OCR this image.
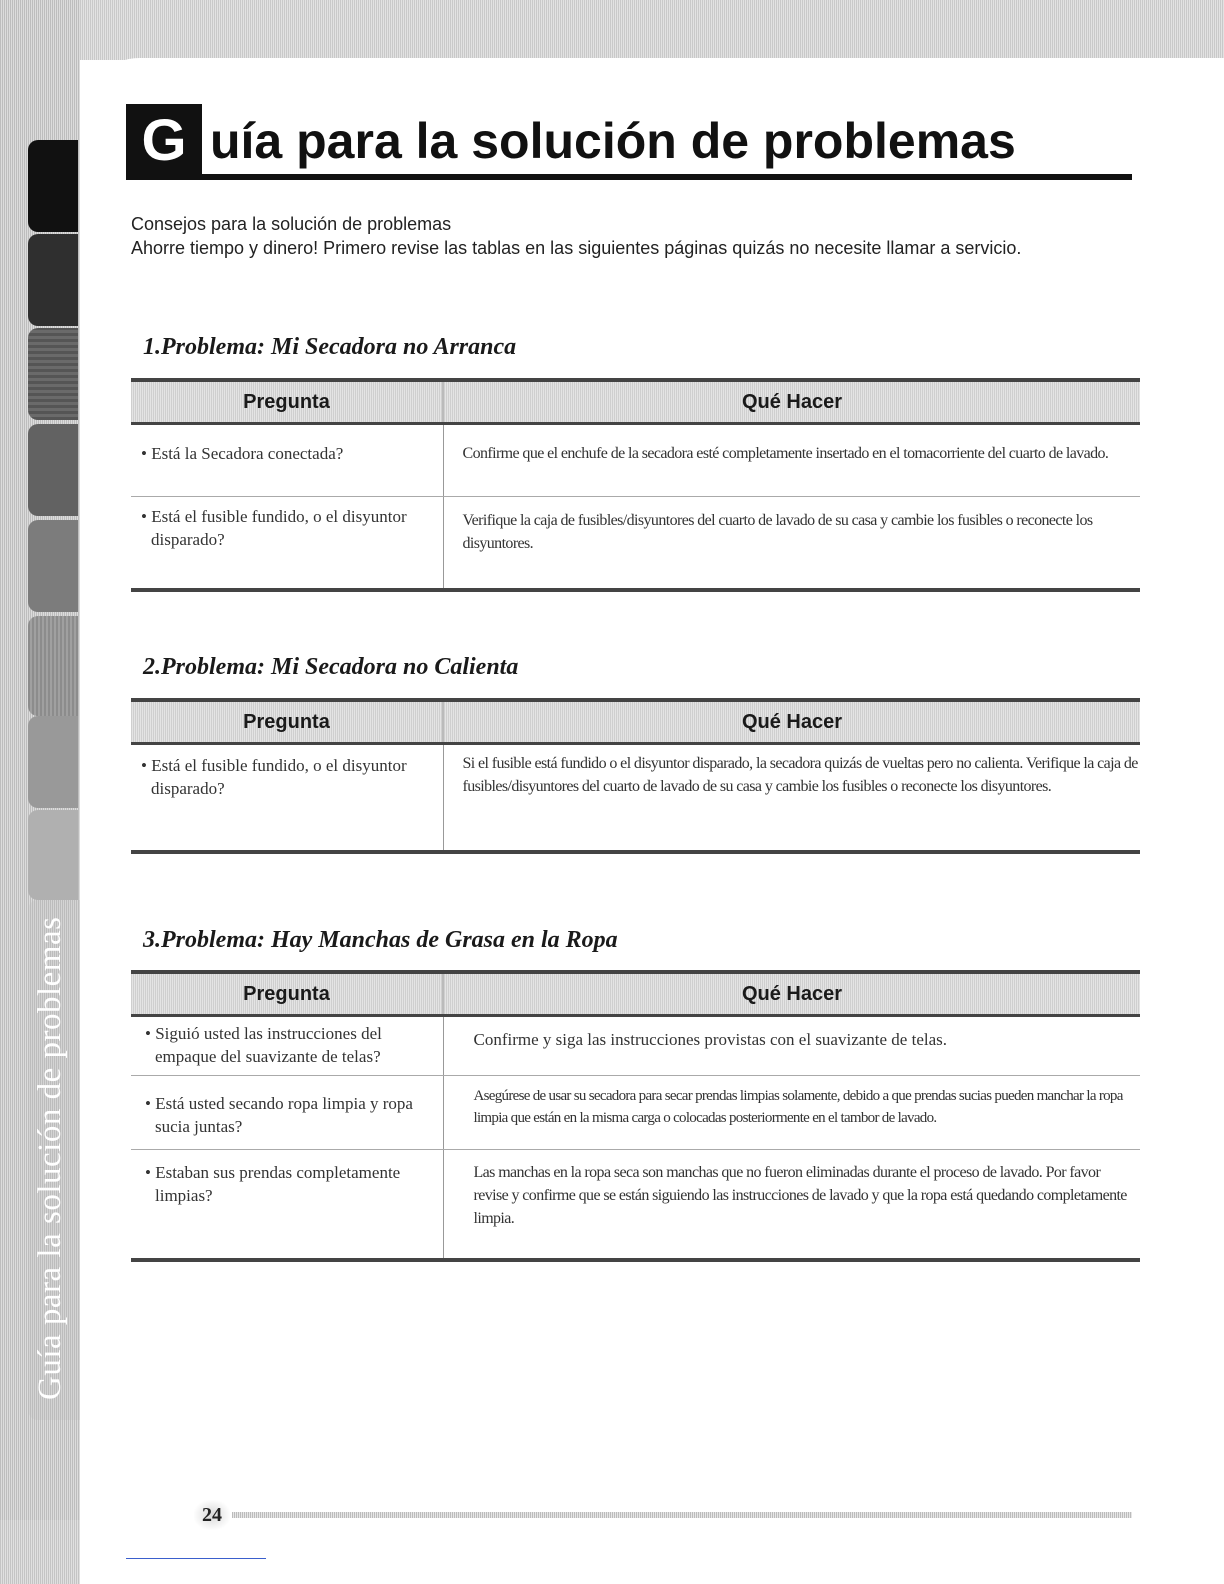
Guía para la solución de problemas
G uía para la solución de problemas

Consejos para la solución de problemas

Ahorre tiempo y dinero! Primero revise las tablas en las siguientes páginas quizás no necesite llamar a servicio.

1.Problema: Mi Secadora no Arranca
Pregunta	Qué Hacer

• Está la Secadora conectada?	Confirme que el enchufe de la secadora esté completamente insertado en el tomacorriente del cuarto de lavado.

• Está el fusible fundido, o el disyuntor disparado?	Verifique la caja de fusibles/disyuntores del cuarto de lavado de su casa y cambie los fusibles o reconecte los disyuntores.
2.Problema: Mi Secadora no Calienta
Pregunta	Qué Hacer

• Está el fusible fundido, o el disyuntor disparado?	Si el fusible está fundido o el disyuntor disparado, la secadora quizás de vueltas pero no calienta. Verifique la caja de fusibles/disyuntores del cuarto de lavado de su casa y cambie los fusibles o reconecte los disyuntores.
3.Problema: Hay Manchas de Grasa en la Ropa
Pregunta	Qué Hacer

• Siguió usted las instrucciones del empaque del suavizante de telas?	Confirme y siga las instrucciones provistas con el suavizante de telas.

• Está usted secando ropa limpia y ropa sucia juntas?	Asegúrese de usar su secadora para secar prendas limpias solamente, debido a que prendas sucias pueden manchar la ropa limpia que están en la misma carga o colocadas posteriormente en el tambor de lavado.

• Estaban sus prendas completamente limpias?	Las manchas en la ropa seca son manchas que no fueron eliminadas durante el proceso de lavado. Por favor revise y confirme que se están siguiendo las instrucciones de lavado y que la ropa está quedando completamente limpia.
24
